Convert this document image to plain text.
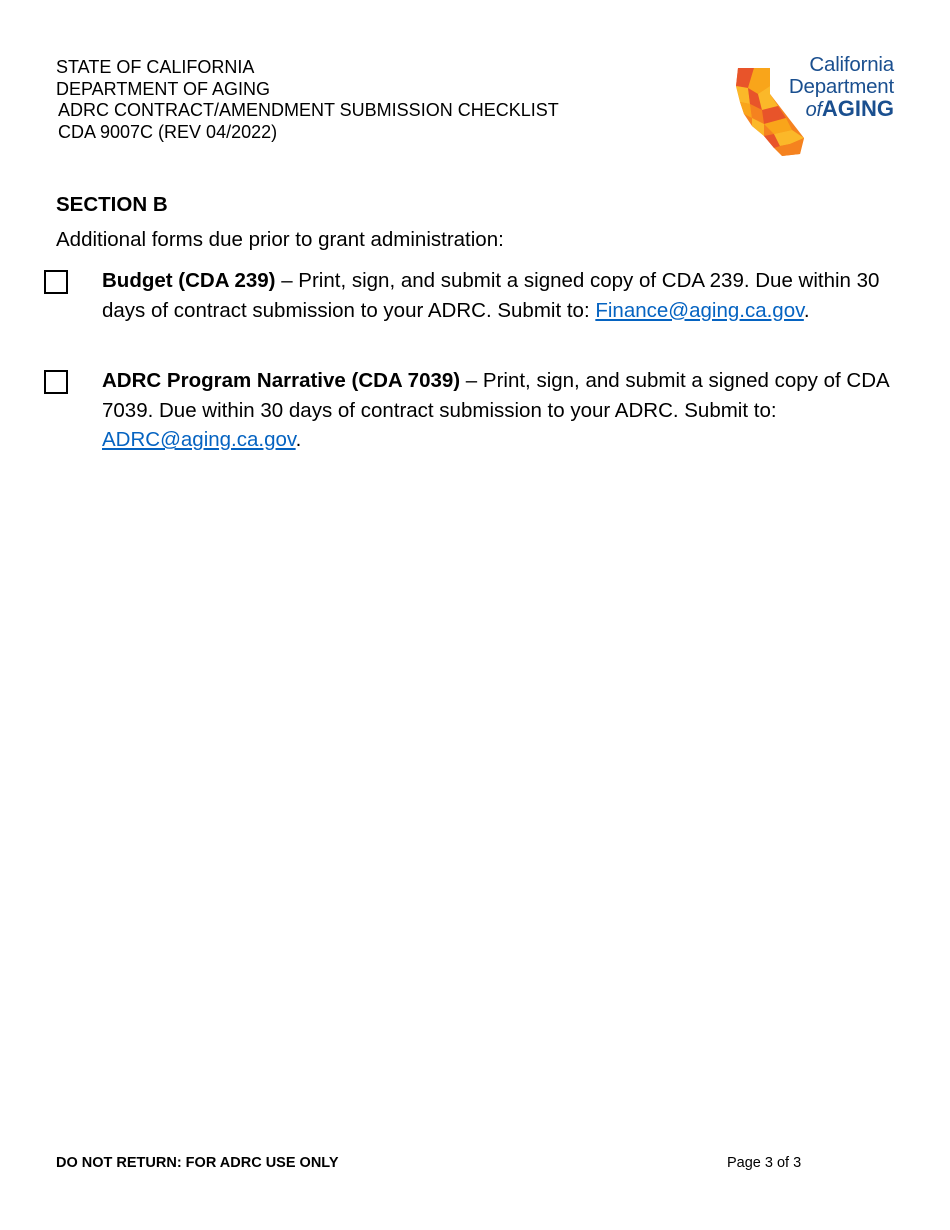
STATE OF CALIFORNIA
DEPARTMENT OF AGING
ADRC CONTRACT/AMENDMENT SUBMISSION CHECKLIST
CDA 9007C (REV 04/2022)
California
Department
ofAGING
SECTION B
Additional forms due prior to grant administration:
Budget (CDA 239) – Print, sign, and submit a signed copy of CDA 239. Due within 30 days of contract submission to your ADRC. Submit to: Finance@aging.ca.gov.
ADRC Program Narrative (CDA 7039) – Print, sign, and submit a signed copy of CDA 7039. Due within 30 days of contract submission to your ADRC. Submit to: ADRC@aging.ca.gov.
DO NOT RETURN: FOR ADRC USE ONLY	Page 3 of 3
